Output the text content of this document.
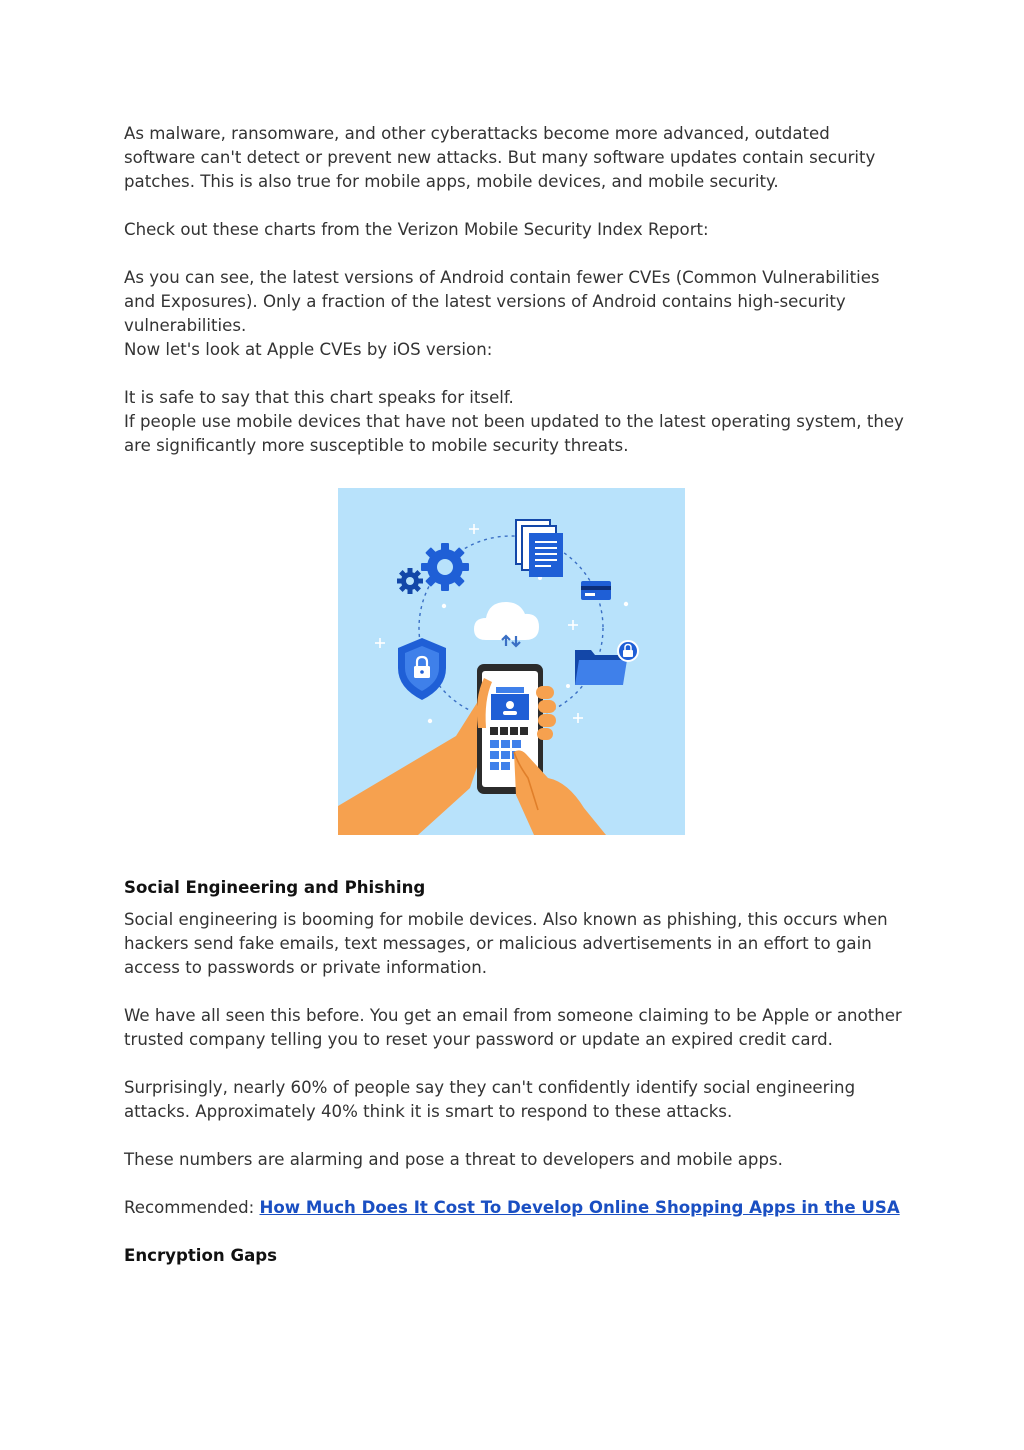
As malware, ransomware, and other cyberattacks become more advanced, outdated software can't detect or prevent new attacks. But many software updates contain security patches. This is also true for mobile apps, mobile devices, and mobile security.

Check out these charts from the Verizon Mobile Security Index Report:

As you can see, the latest versions of Android contain fewer CVEs (Common Vulnerabilities and Exposures). Only a fraction of the latest versions of Android contains high-security vulnerabilities.

Now let's look at Apple CVEs by iOS version:

It is safe to say that this chart speaks for itself.

If people use mobile devices that have not been updated to the latest operating system, they are significantly more susceptible to mobile security threats.

Social Engineering and Phishing

Social engineering is booming for mobile devices. Also known as phishing, this occurs when hackers send fake emails, text messages, or malicious advertisements in an effort to gain access to passwords or private information.

We have all seen this before. You get an email from someone claiming to be Apple or another trusted company telling you to reset your password or update an expired credit card.

Surprisingly, nearly 60% of people say they can't confidently identify social engineering attacks. Approximately 40% think it is smart to respond to these attacks.

These numbers are alarming and pose a threat to developers and mobile apps.

Recommended: How Much Does It Cost To Develop Online Shopping Apps in the USA

Encryption Gaps
